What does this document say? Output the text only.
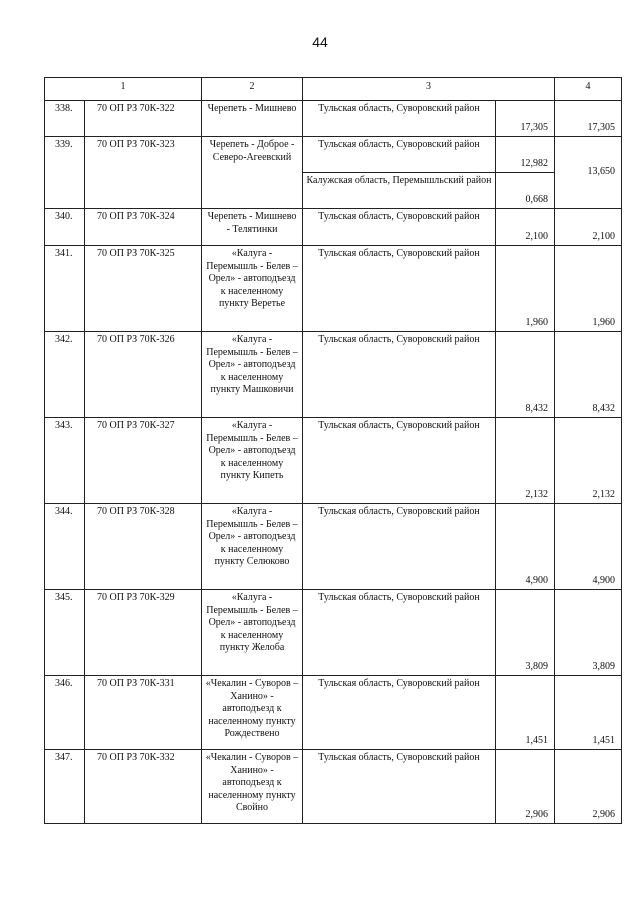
44
1		2	3		4
338.	70 ОП РЗ 70К-322	Черепеть - Мишнево	Тульская область, Суворовский район	17,305	17,305
339.	70 ОП РЗ 70К-323	Черепеть - Доброе - Северо-Агеевский	Тульская область, Суворовский район	12,982	13,650
			Калужская область, Перемышльский район	0,668	
340.	70 ОП РЗ 70К-324	Черепеть - Мишнево - Телятинки	Тульская область, Суворовский район	2,100	2,100
341.	70 ОП РЗ 70К-325	«Калуга - Перемышль - Белев – Орел» - автоподъезд к населенному пункту Веретье	Тульская область, Суворовский район	1,960	1,960
342.	70 ОП РЗ 70К-326	«Калуга - Перемышль - Белев – Орел» - автоподъезд к населенному пункту Машковичи	Тульская область, Суворовский район	8,432	8,432
343.	70 ОП РЗ 70К-327	«Калуга - Перемышль - Белев – Орел» - автоподъезд к населенному пункту Кипеть	Тульская область, Суворовский район	2,132	2,132
344.	70 ОП РЗ 70К-328	«Калуга - Перемышль - Белев – Орел» - автоподъезд к населенному пункту Селюково	Тульская область, Суворовский район	4,900	4,900
345.	70 ОП РЗ 70К-329	«Калуга - Перемышль - Белев – Орел» - автоподъезд к населенному пункту Желоба	Тульская область, Суворовский район	3,809	3,809
346.	70 ОП РЗ 70К-331	«Чекалин - Суворов – Ханино» - автоподъезд к населенному пункту Рождествено	Тульская область, Суворовский район	1,451	1,451
347.	70 ОП РЗ 70К-332	«Чекалин - Суворов – Ханино» - автоподъезд к населенному пункту Свойно	Тульская область, Суворовский район	2,906	2,906
